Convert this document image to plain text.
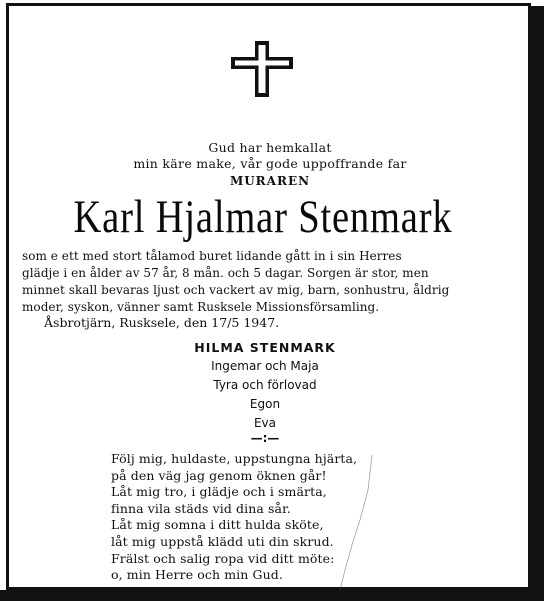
Gud har hemkallat
min käre make, vår gode uppoffrande far
MURAREN
Karl Hjalmar Stenmark
som e ett med stort tålamod buret lidande gått in i sin Herres
glädje i en ålder av 57 år, 8 mån. och 5 dagar. Sorgen är stor, men
minnet skall bevaras ljust och vackert av mig, barn, sonhustru, åldrig
moder, syskon, vänner samt Rusksele Missionsförsamling.
Åsbrotjärn, Rusksele, den 17/5 1947.
HILMA STENMARK
Ingemar och Maja
Tyra och förlovad
Egon
Eva
—:—
Följ mig, huldaste, uppstungna hjärta,
på den väg jag genom öknen går!
Låt mig tro, i glädje och i smärta,
finna vila städs vid dina sår.
Låt mig somna i ditt hulda sköte,
låt mig uppstå klädd uti din skrud.
Frälst och salig ropa vid ditt möte:
o, min Herre och min Gud.
